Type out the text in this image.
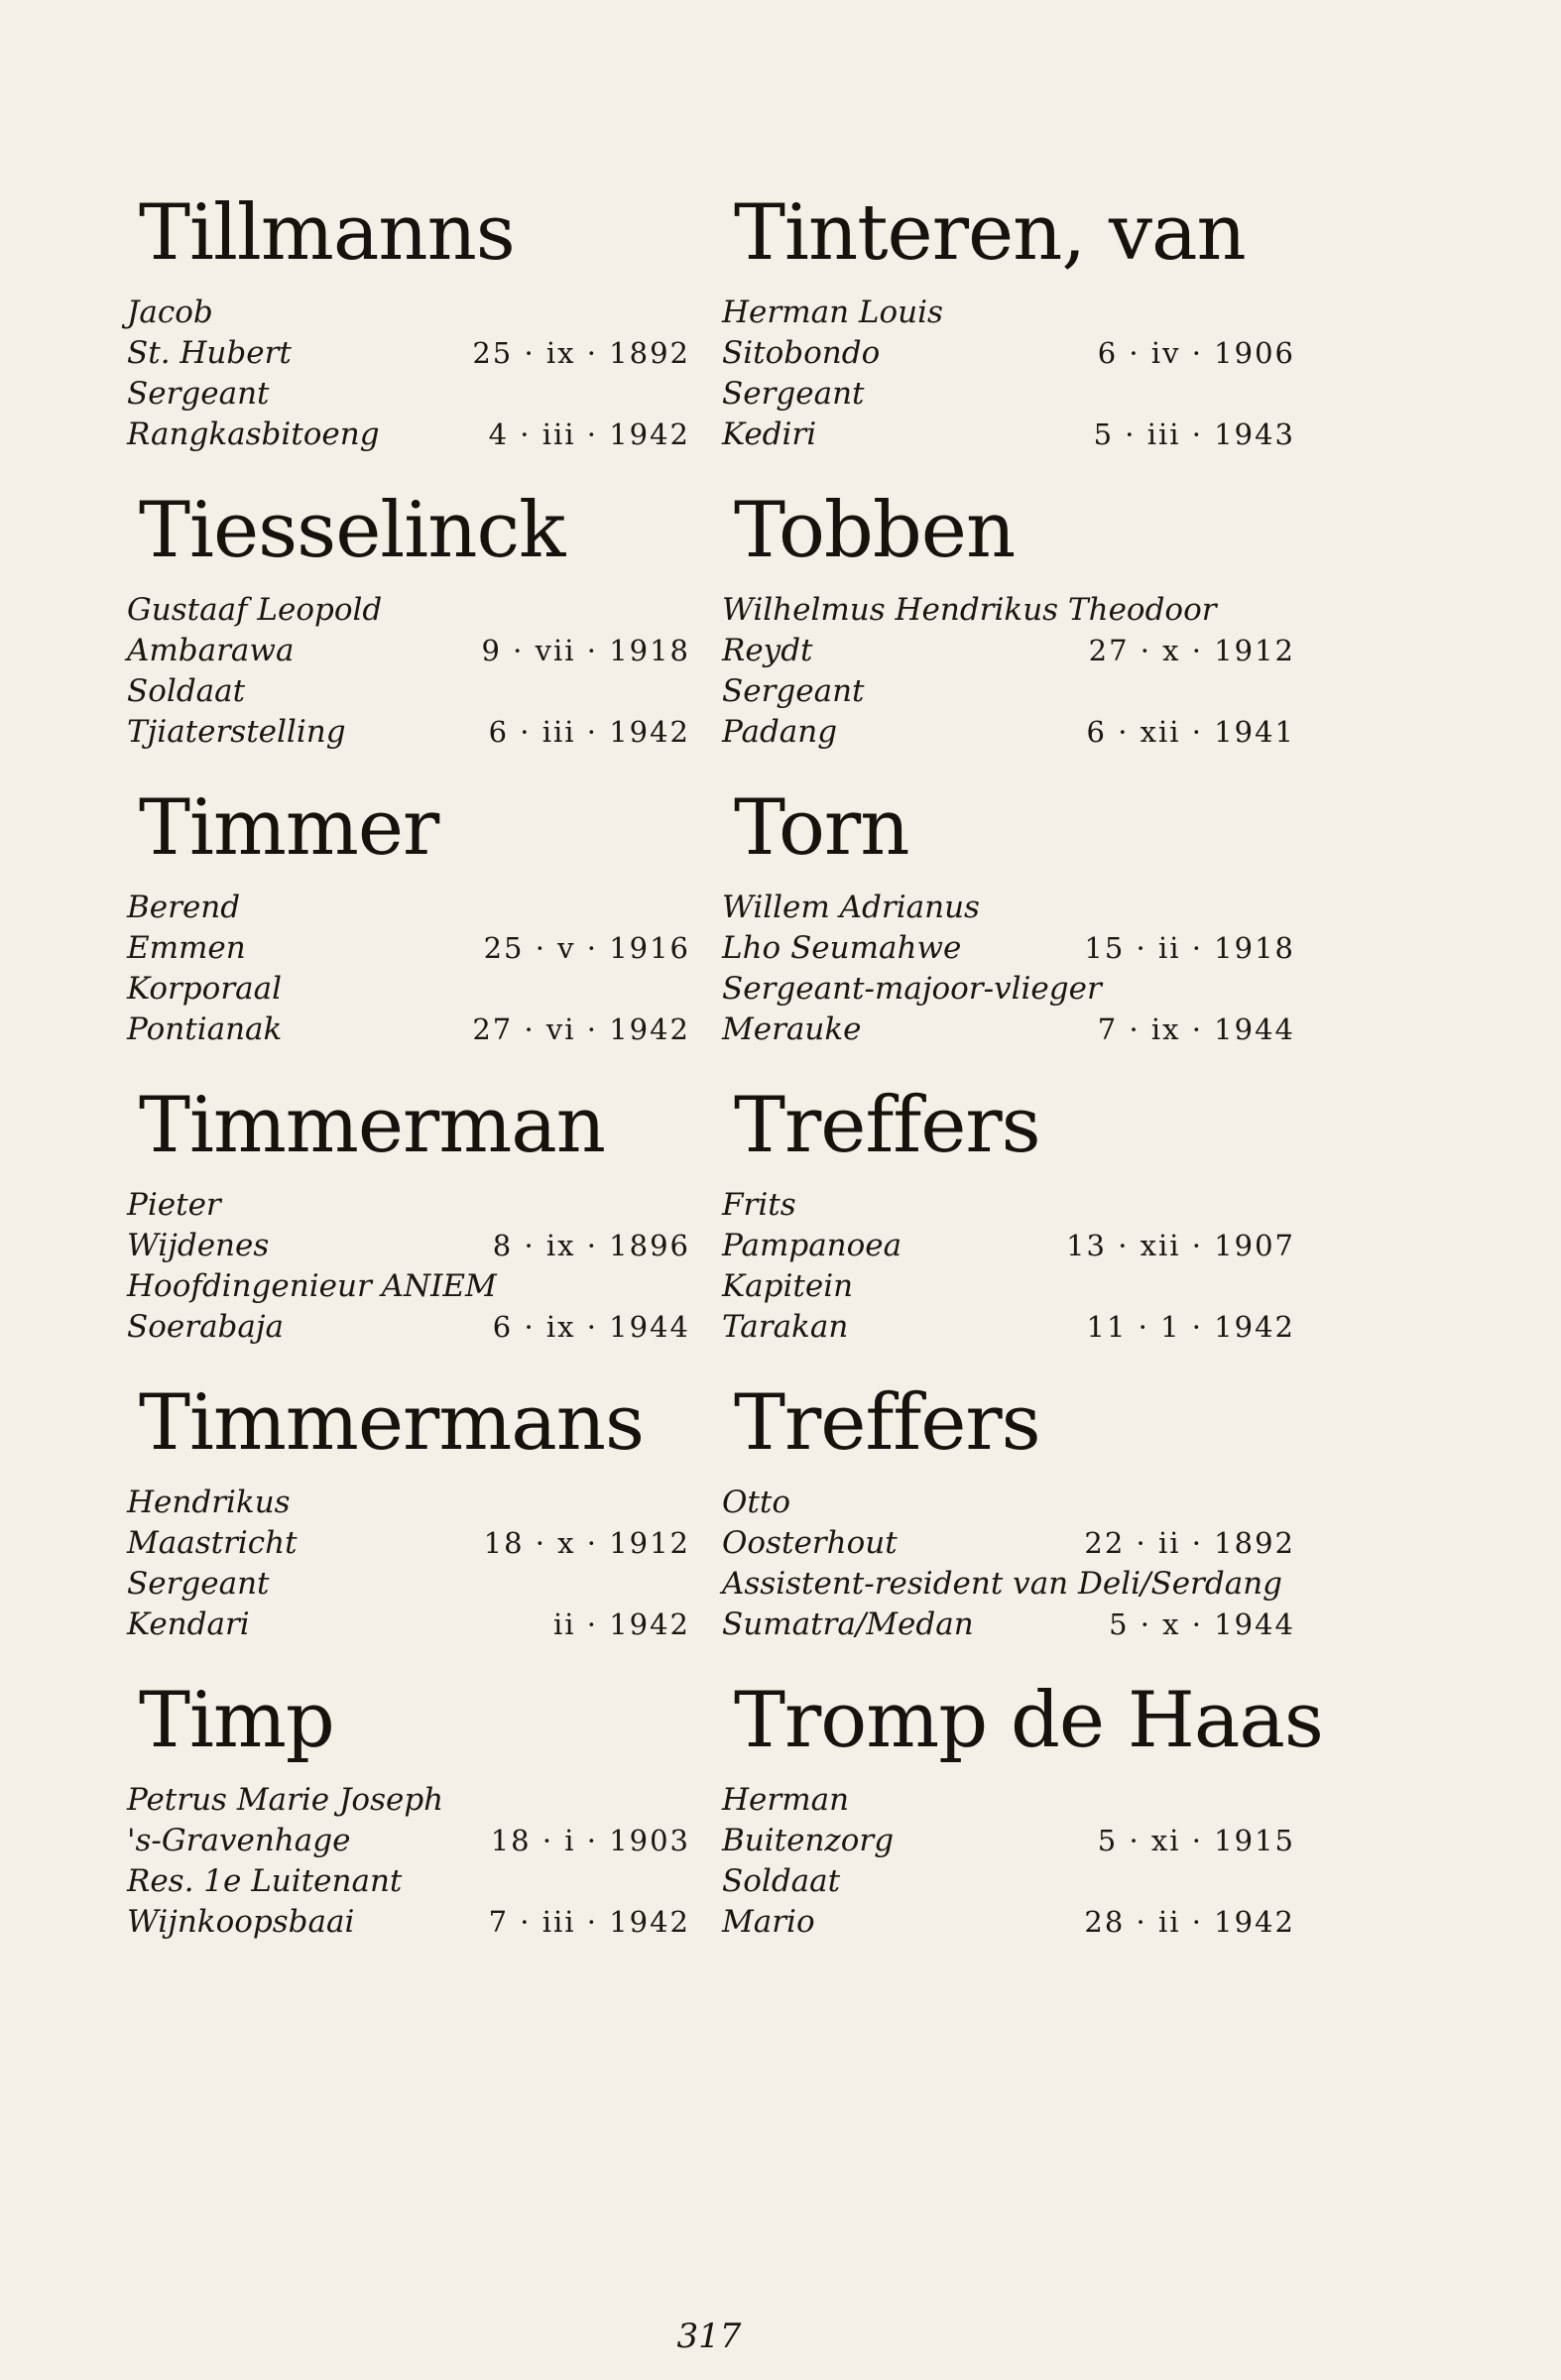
Tillmanns
Jacob
St. Hubert	25 · ix · 1892
Sergeant
Rangkasbitoeng	4 · iii · 1942
Tiesselinck
Gustaaf Leopold
Ambarawa	9 · vii · 1918
Soldaat
Tjiaterstelling	6 · iii · 1942
Timmer
Berend
Emmen	25 · v · 1916
Korporaal
Pontianak	27 · vi · 1942
Timmerman
Pieter
Wijdenes	8 · ix · 1896
Hoofdingenieur ANIEM
Soerabaja	6 · ix · 1944
Timmermans
Hendrikus
Maastricht	18 · x · 1912
Sergeant
Kendari	ii · 1942
Timp
Petrus Marie Joseph
's-Gravenhage	18 · i · 1903
Res. 1e Luitenant
Wijnkoopsbaai	7 · iii · 1942
Tinteren, van
Herman Louis
Sitobondo	6 · iv · 1906
Sergeant
Kediri	5 · iii · 1943
Tobben
Wilhelmus Hendrikus Theodoor
Reydt	27 · x · 1912
Sergeant
Padang	6 · xii · 1941
Torn
Willem Adrianus
Lho Seumahwe	15 · ii · 1918
Sergeant-majoor-vlieger
Merauke	7 · ix · 1944
Treffers
Frits
Pampanoea	13 · xii · 1907
Kapitein
Tarakan	11 · 1 · 1942
Treffers
Otto
Oosterhout	22 · ii · 1892
Assistent-resident van Deli/Serdang
Sumatra/Medan	5 · x · 1944
Tromp de Haas
Herman
Buitenzorg	5 · xi · 1915
Soldaat
Mario	28 · ii · 1942
317
